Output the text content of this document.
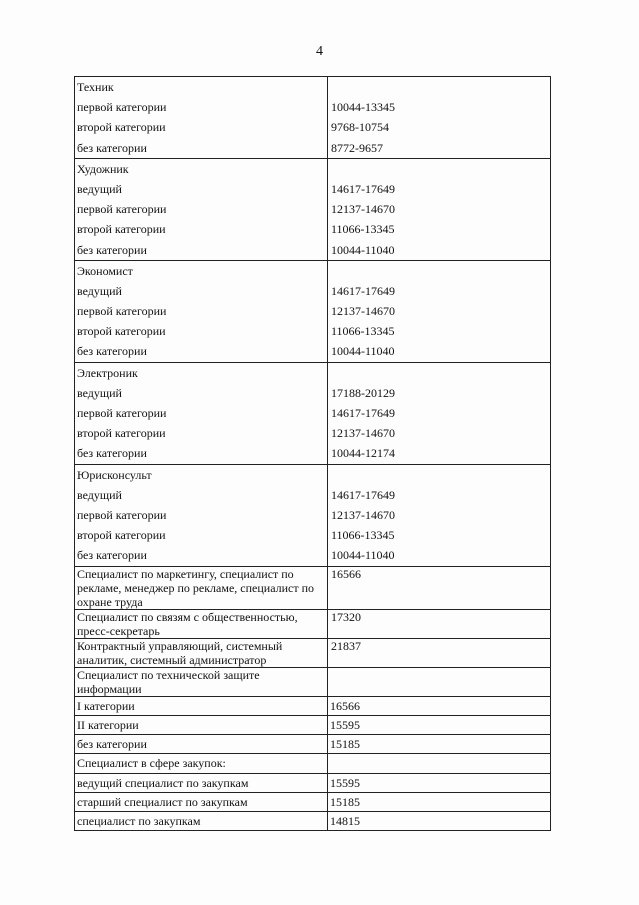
4
Техник	
первой категории	10044-13345
второй категории	9768-10754
без категории	8772-9657
Художник	
ведущий	14617-17649
первой категории	12137-14670
второй категории	11066-13345
без категории	10044-11040
Экономист	
ведущий	14617-17649
первой категории	12137-14670
второй категории	11066-13345
без категории	10044-11040
Электроник	
ведущий	17188-20129
первой категории	14617-17649
второй категории	12137-14670
без категории	10044-12174
Юрисконсульт	
ведущий	14617-17649
первой категории	12137-14670
второй категории	11066-13345
без категории	10044-11040
Специалист по маркетингу, специалист по рекламе, менеджер по рекламе, специалист по охране труда	16566
Специалист по связям с общественностью, пресс-секретарь	17320
Контрактный управляющий, системный аналитик, системный администратор	21837
Специалист по технической защите информации	
I категории	16566
II категории	15595
без категории	15185
Специалист в сфере закупок:	
ведущий специалист по закупкам	15595
старший специалист по закупкам	15185
специалист по закупкам	14815
